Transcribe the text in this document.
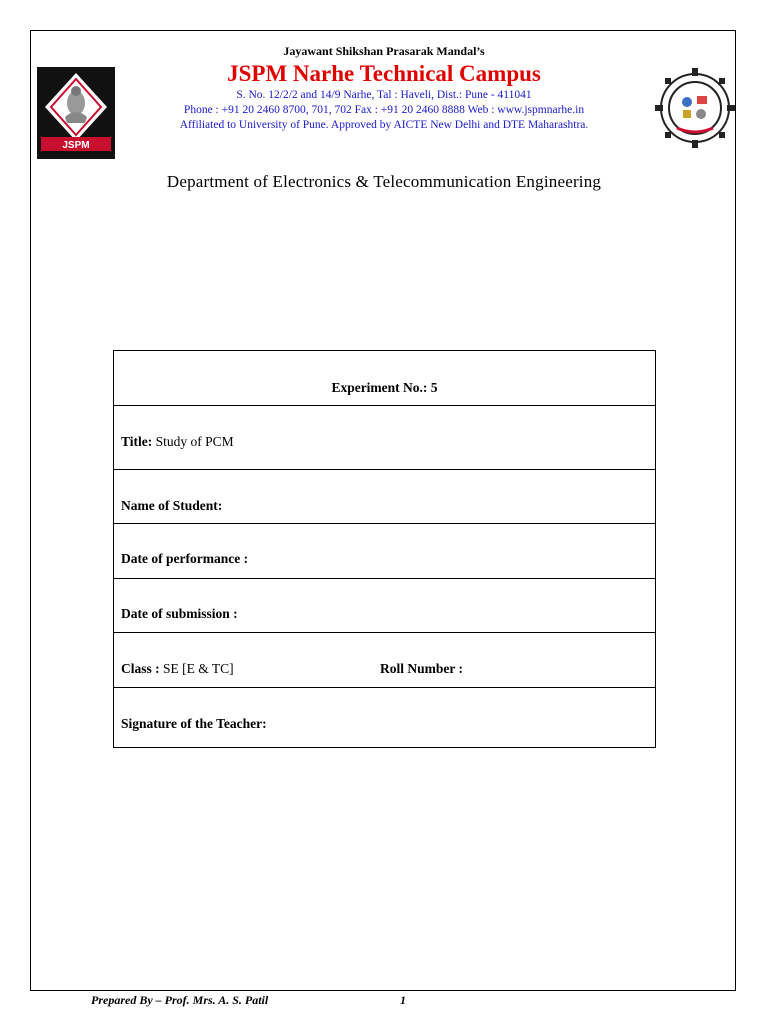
JSPM
Jayawant Shikshan Prasarak Mandal’s
JSPM Narhe Technical Campus
S. No. 12/2/2 and 14/9 Narhe, Tal : Haveli, Dist.: Pune - 411041
Phone : +91 20 2460 8700, 701, 702 Fax : +91 20 2460 8888 Web : www.jspmnarhe.in
Affiliated to University of Pune. Approved by AICTE New Delhi and DTE Maharashtra.
Department of Electronics & Telecommunication Engineering
Experiment No.: 5
Title: Study of PCM
Name of Student:
Date of performance :
Date of submission :
Class : SE [E & TC]	Roll Number :
Signature of the Teacher:
Prepared By – Prof. Mrs. A. S. Patil	1
